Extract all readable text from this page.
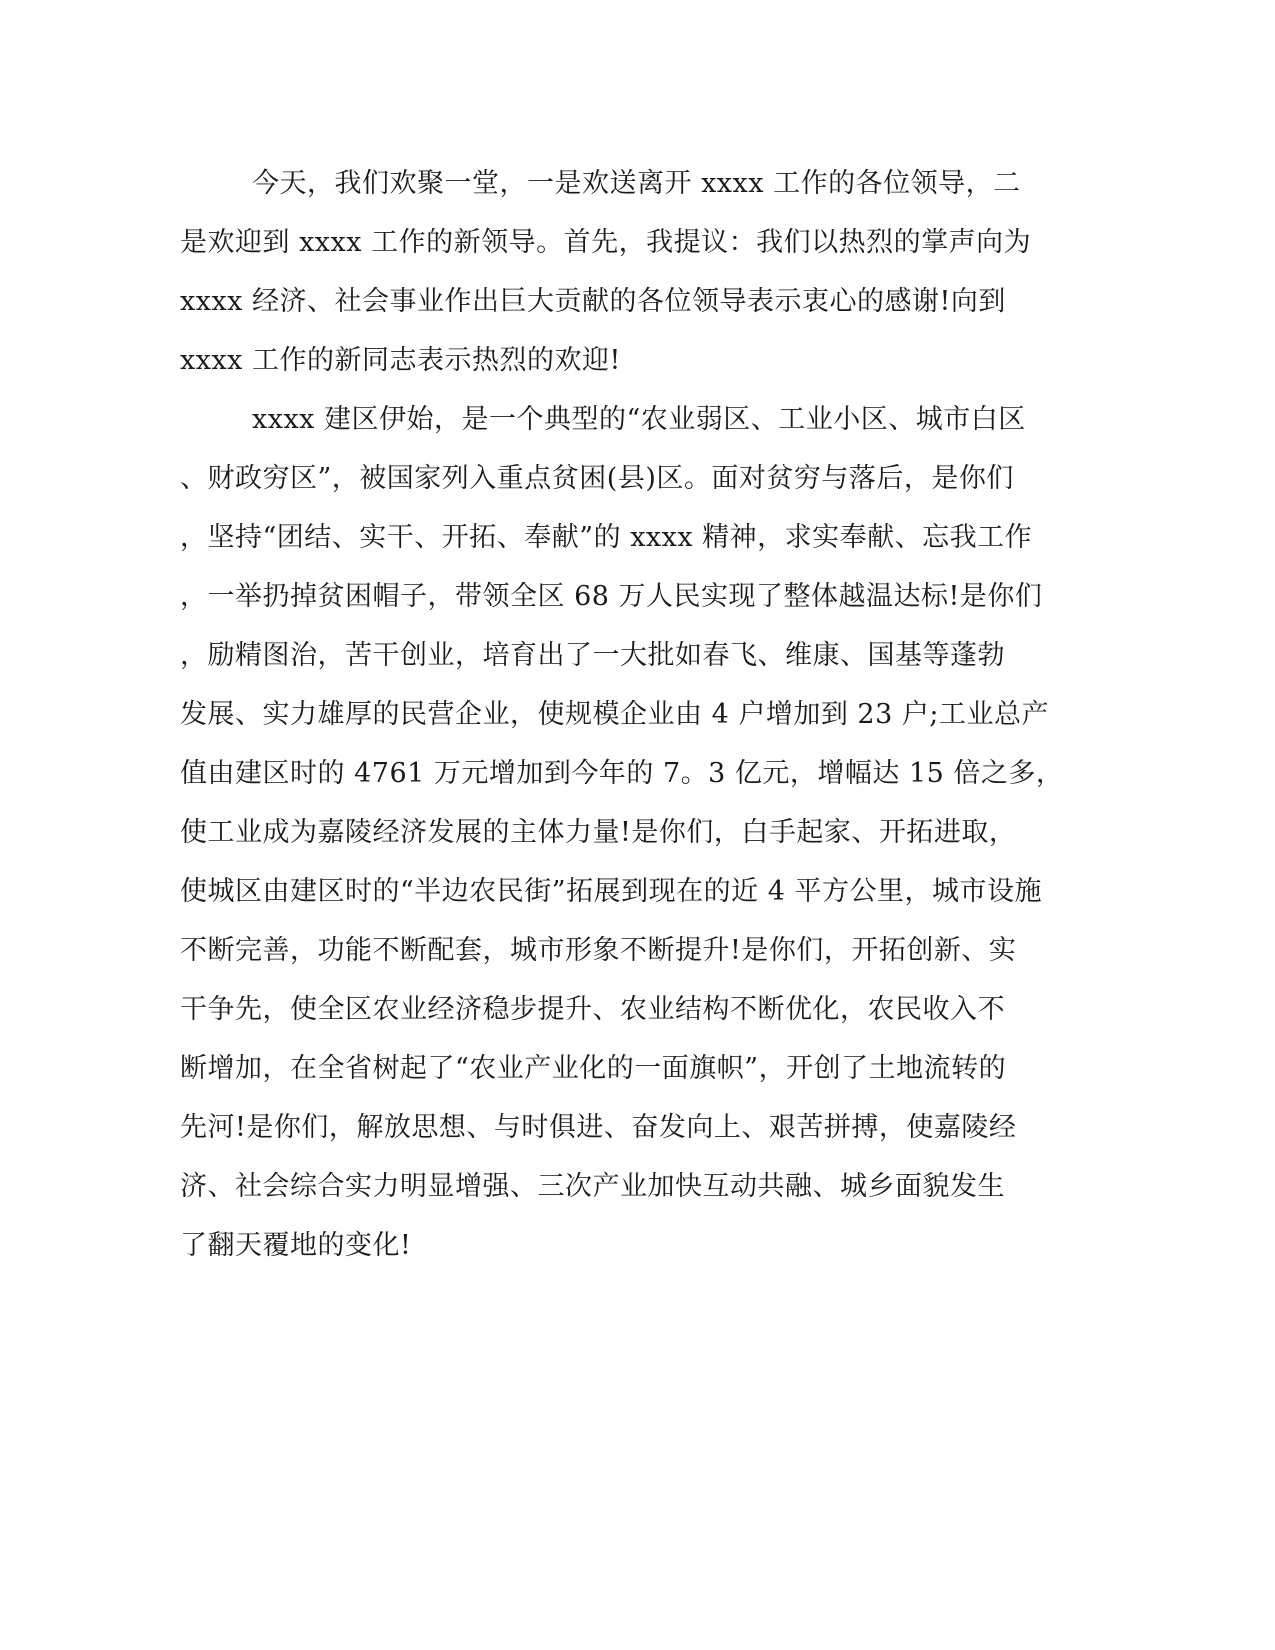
今天，我们欢聚一堂，一是欢送离开 xxxx 工作的各位领导，二
是欢迎到 xxxx 工作的新领导。首先，我提议：我们以热烈的掌声向为
xxxx 经济、社会事业作出巨大贡献的各位领导表示衷心的感谢!向到
xxxx 工作的新同志表示热烈的欢迎!
xxxx 建区伊始，是一个典型的“农业弱区、工业小区、城市白区
、财政穷区”，被国家列入重点贫困(县)区。面对贫穷与落后，是你们
，坚持“团结、实干、开拓、奉献”的 xxxx 精神，求实奉献、忘我工作
，一举扔掉贫困帽子，带领全区 68 万人民实现了整体越温达标!是你们
，励精图治，苦干创业，培育出了一大批如春飞、维康、国基等蓬勃
发展、实力雄厚的民营企业，使规模企业由 4 户增加到 23 户;工业总产
值由建区时的 4761 万元增加到今年的 7。3 亿元，增幅达 15 倍之多，
使工业成为嘉陵经济发展的主体力量!是你们，白手起家、开拓进取，
使城区由建区时的“半边农民街”拓展到现在的近 4 平方公里，城市设施
不断完善，功能不断配套，城市形象不断提升!是你们，开拓创新、实
干争先，使全区农业经济稳步提升、农业结构不断优化，农民收入不
断增加，在全省树起了“农业产业化的一面旗帜”，开创了土地流转的
先河!是你们，解放思想、与时俱进、奋发向上、艰苦拼搏，使嘉陵经
济、社会综合实力明显增强、三次产业加快互动共融、城乡面貌发生
了翻天覆地的变化!
